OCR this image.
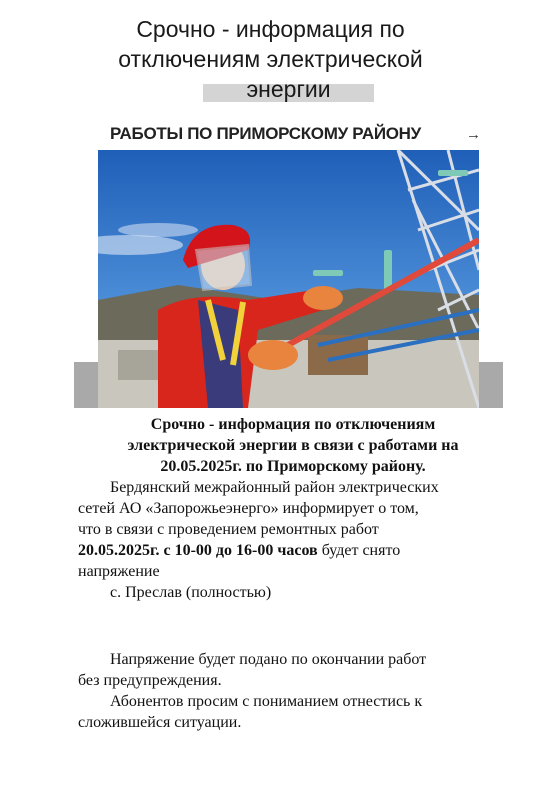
Срочно - информация по
отключениям электрической
энергии
РАБОТЫ ПО ПРИМОРСКОМУ РАЙОНУ	→
Срочно - информация по отключениям
электрической энергии в связи с работами на
20.05.2025г. по Приморскому району.

Бердянский межрайонный район электрических

сетей АО «Запорожьеэнерго» информирует о том,

что в связи с проведением ремонтных работ

20.05.2025г. с 10-00 до 16-00 часов будет снято

напряжение

с. Преслав (полностью)

Напряжение будет подано по окончании работ

без предупреждения.

Абонентов просим с пониманием отнестись к

сложившейся ситуации.
